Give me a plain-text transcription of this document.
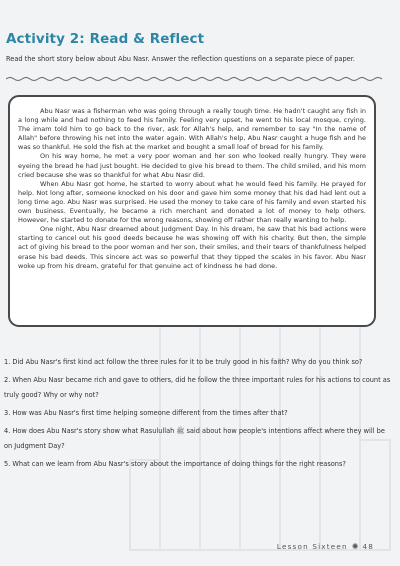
Activity 2: Read & Reflect
Read the short story below about Abu Nasr. Answer the reflection questions on a separate piece of paper.

Abu Nasr was a fisherman who was going through a really tough time. He hadn't caught any fish in a long while and had nothing to feed his family. Feeling very upset, he went to his local mosque, crying. The imam told him to go back to the river, ask for Allah's help, and remember to say "In the name of Allah" before throwing his net into the water again. With Allah's help, Abu Nasr caught a huge fish and he was so thankful. He sold the fish at the market and bought a small loaf of bread for his family.

On his way home, he met a very poor woman and her son who looked really hungry. They were eyeing the bread he had just bought. He decided to give his bread to them. The child smiled, and his mom cried because she was so thankful for what Abu Nasr did.

When Abu Nasr got home, he started to worry about what he would feed his family. He prayed for help. Not long after, someone knocked on his door and gave him some money that his dad had lent out a long time ago. Abu Nasr was surprised. He used the money to take care of his family and even started his own business. Eventually, he became a rich merchant and donated a lot of money to help others. However, he started to donate for the wrong reasons, showing off rather than really wanting to help.

One night, Abu Nasr dreamed about Judgment Day. In his dream, he saw that his bad actions were starting to cancel out his good deeds because he was showing off with his charity. But then, the simple act of giving his bread to the poor woman and her son, their smiles, and their tears of thankfulness helped erase his bad deeds. This sincere act was so powerful that they tipped the scales in his favor. Abu Nasr woke up from his dream, grateful for that genuine act of kindness he had done.

1. Did Abu Nasr's first kind act follow the three rules for it to be truly good in his faith? Why do you think so?
2. When Abu Nasr became rich and gave to others, did he follow the three important rules for his actions to count as truly good? Why or why not?
3. How was Abu Nasr's first time helping someone different from the times after that?
4. How does Abu Nasr's story show what Rasulullah ﷺ said about how people's intentions affect where they will be on Judgment Day?
5. What can we learn from Abu Nasr's story about the importance of doing things for the right reasons?
Lesson Sixteen ✺ 48
